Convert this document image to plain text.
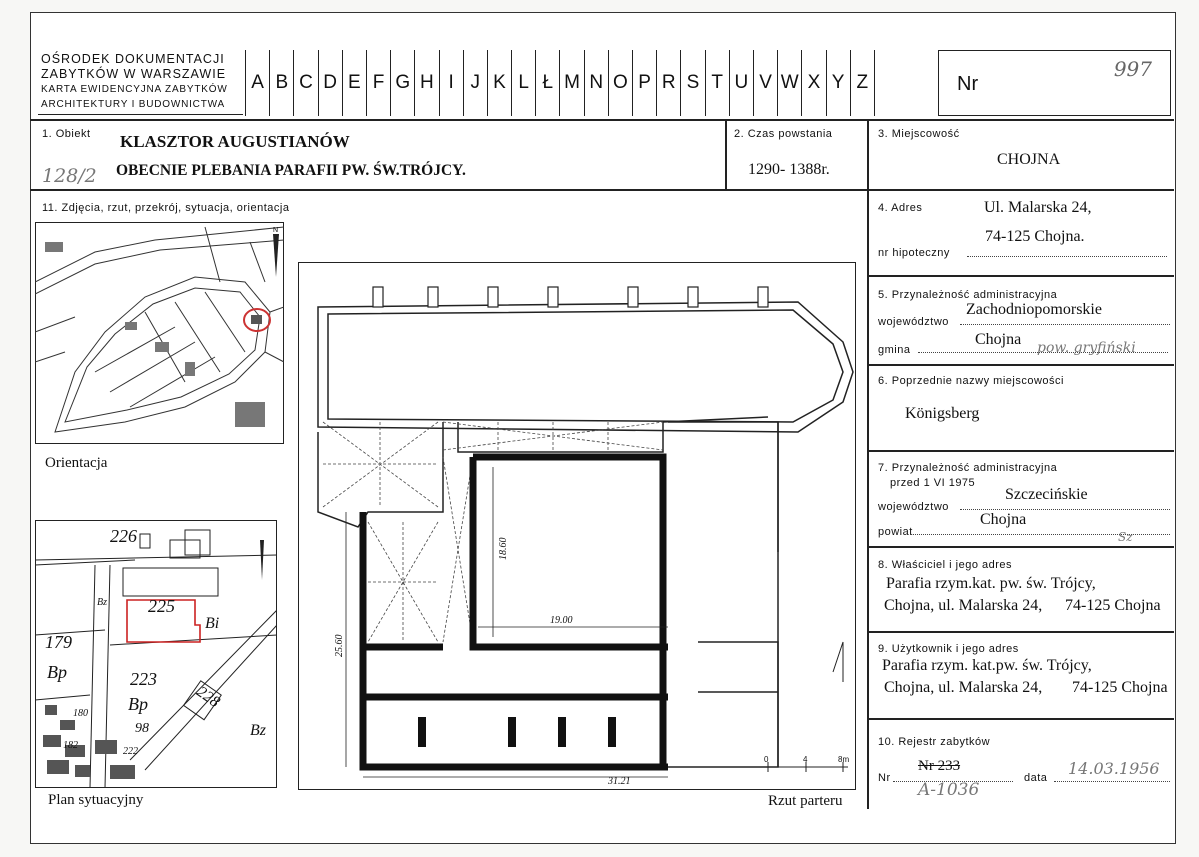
OŚRODEK DOKUMENTACJI
ZABYTKÓW W WARSZAWIE
KARTA EWIDENCYJNA ZABYTKÓW
ARCHITEKTURY I BUDOWNICTWA
A B C D E F G H I J K L Ł M N O P R S T U V W X Y Z	Nr
997
1. Obiekt KLASZTOR AUGUSTIANÓW
OBECNIE PLEBANIA PARAFII PW. ŚW.TRÓJCY.
128/2
2. Czas powstania
1290- 1388r.
3. Miejscowość
CHOJNA
11. Zdjęcia, rzut, przekrój, sytuacja, orientacja
N
Orientacja
226
225
Bi
Bz
179
Bp	223
Bp
98
228
Bz
180
182
222
Plan sytuacyjny
18.60
19.00
25.60
31.21
0	4	8m
Rzut parteru
4. Adres	Ul. Malarska 24,
74-125 Chojna.
nr hipoteczny
5. Przynależność administracyjna
województwo
Zachodniopomorskie
gmina
Chojna pow. gryfiński
6. Poprzednie nazwy miejscowości
Königsberg
7. Przynależność administracyjna
przed 1 VI 1975
województwo
Szczecińskie
powiat
Chojna
Sz
8. Właściciel i jego adres
Parafia rzym.kat. pw. św. Trójcy,
Chojna, ul. Malarska 24, 74-125 Chojna
9. Użytkownik i jego adres
Parafia rzym. kat.pw. św. Trójcy,
Chojna, ul. Malarska 24, 74-125 Chojna
10. Rejestr zabytków
Nr
Nr 233
A-1036
data 14.03.1956
